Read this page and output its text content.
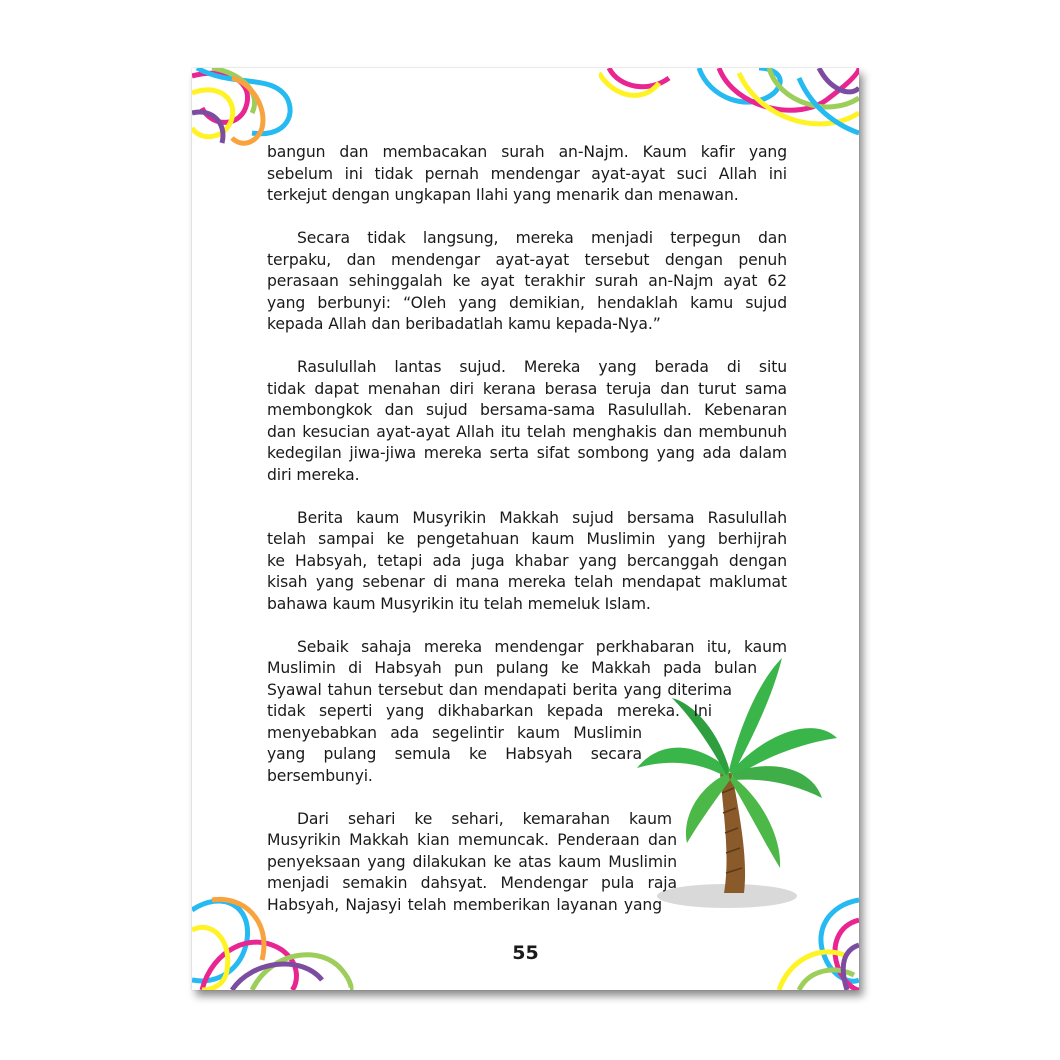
bangun dan membacakan surah an-Najm. Kaum kafir yang
sebelum ini tidak pernah mendengar ayat-ayat suci Allah ini
terkejut dengan ungkapan Ilahi yang menarik dan menawan.
Secara tidak langsung, mereka menjadi terpegun dan
terpaku, dan mendengar ayat-ayat tersebut dengan penuh
perasaan sehinggalah ke ayat terakhir surah an-Najm ayat 62
yang berbunyi: “Oleh yang demikian, hendaklah kamu sujud
kepada Allah dan beribadatlah kamu kepada-Nya.”
Rasulullah lantas sujud. Mereka yang berada di situ
tidak dapat menahan diri kerana berasa teruja dan turut sama
membongkok dan sujud bersama-sama Rasulullah. Kebenaran
dan kesucian ayat-ayat Allah itu telah menghakis dan membunuh
kedegilan jiwa-jiwa mereka serta sifat sombong yang ada dalam
diri mereka.
Berita kaum Musyrikin Makkah sujud bersama Rasulullah
telah sampai ke pengetahuan kaum Muslimin yang berhijrah
ke Habsyah, tetapi ada juga khabar yang bercanggah dengan
kisah yang sebenar di mana mereka telah mendapat maklumat
bahawa kaum Musyrikin itu telah memeluk Islam.
Sebaik sahaja mereka mendengar perkhabaran itu, kaum
Muslimin di Habsyah pun pulang ke Makkah pada bulan
Syawal tahun tersebut dan mendapati berita yang diterima
tidak seperti yang dikhabarkan kepada mereka. Ini
menyebabkan ada segelintir kaum Muslimin
yang pulang semula ke Habsyah secara
bersembunyi.
Dari sehari ke sehari, kemarahan kaum
Musyrikin Makkah kian memuncak. Penderaan dan
penyeksaan yang dilakukan ke atas kaum Muslimin
menjadi semakin dahsyat. Mendengar pula raja
Habsyah, Najasyi telah memberikan layanan yang
55
